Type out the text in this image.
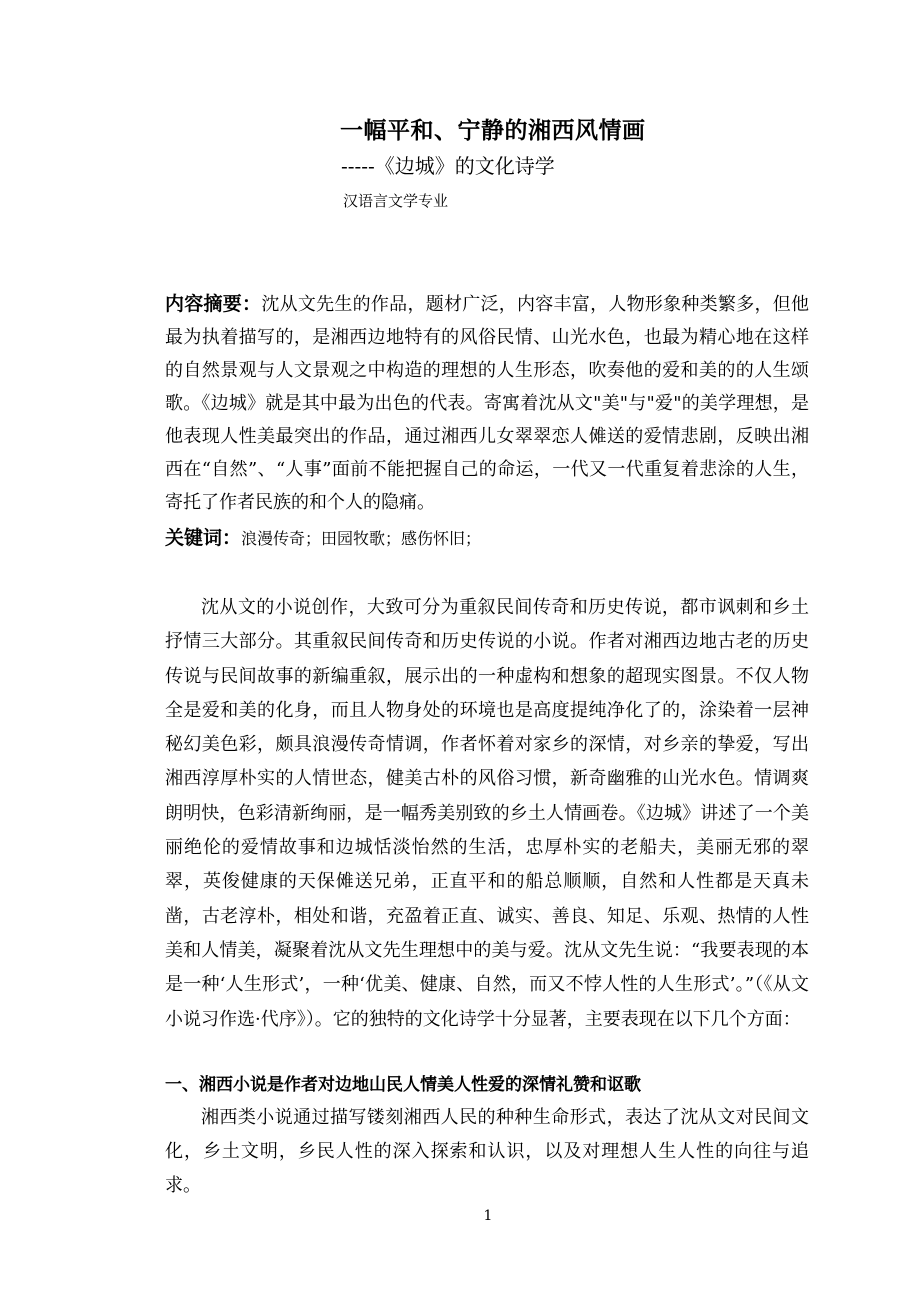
一幅平和、宁静的湘西风情画
-----《边城》的文化诗学
汉语言文学专业
内容摘要：沈从文先生的作品，题材广泛，内容丰富，人物形象种类繁多，但他最为执着描写的，是湘西边地特有的风俗民情、山光水色，也最为精心地在这样的自然景观与人文景观之中构造的理想的人生形态，吹奏他的爱和美的的人生颂歌。《边城》就是其中最为出色的代表。寄寓着沈从文"美"与"爱"的美学理想，是他表现人性美最突出的作品，通过湘西儿女翠翠恋人傩送的爱情悲剧，反映出湘西在“自然”、“人事”面前不能把握自己的命运，一代又一代重复着悲涂的人生，寄托了作者民族的和个人的隐痛。
关键词：浪漫传奇；田园牧歌；感伤怀旧；
沈从文的小说创作，大致可分为重叙民间传奇和历史传说，都市讽刺和乡土抒情三大部分。其重叙民间传奇和历史传说的小说。作者对湘西边地古老的历史传说与民间故事的新编重叙，展示出的一种虚构和想象的超现实图景。不仅人物全是爱和美的化身，而且人物身处的环境也是高度提纯净化了的，涂染着一层神秘幻美色彩，颇具浪漫传奇情调，作者怀着对家乡的深情，对乡亲的挚爱，写出湘西淳厚朴实的人情世态，健美古朴的风俗习惯，新奇幽雅的山光水色。情调爽朗明快，色彩清新绚丽，是一幅秀美别致的乡土人情画卷。《边城》讲述了一个美丽绝伦的爱情故事和边城恬淡怡然的生活，忠厚朴实的老船夫，美丽无邪的翠翠，英俊健康的天保傩送兄弟，正直平和的船总顺顺，自然和人性都是天真未凿，古老淳朴，相处和谐，充盈着正直、诚实、善良、知足、乐观、热情的人性美和人情美，凝聚着沈从文先生理想中的美与爱。沈从文先生说：“我要表现的本是一种‘人生形式’，一种‘优美、健康、自然，而又不悖人性的人生形式’。”（《从文小说习作选·代序》）。它的独特的文化诗学十分显著，主要表现在以下几个方面：
一、湘西小说是作者对边地山民人情美人性爱的深情礼赞和讴歌
湘西类小说通过描写镂刻湘西人民的种种生命形式，表达了沈从文对民间文化，乡土文明，乡民人性的深入探索和认识，以及对理想人生人性的向往与追求。
1
